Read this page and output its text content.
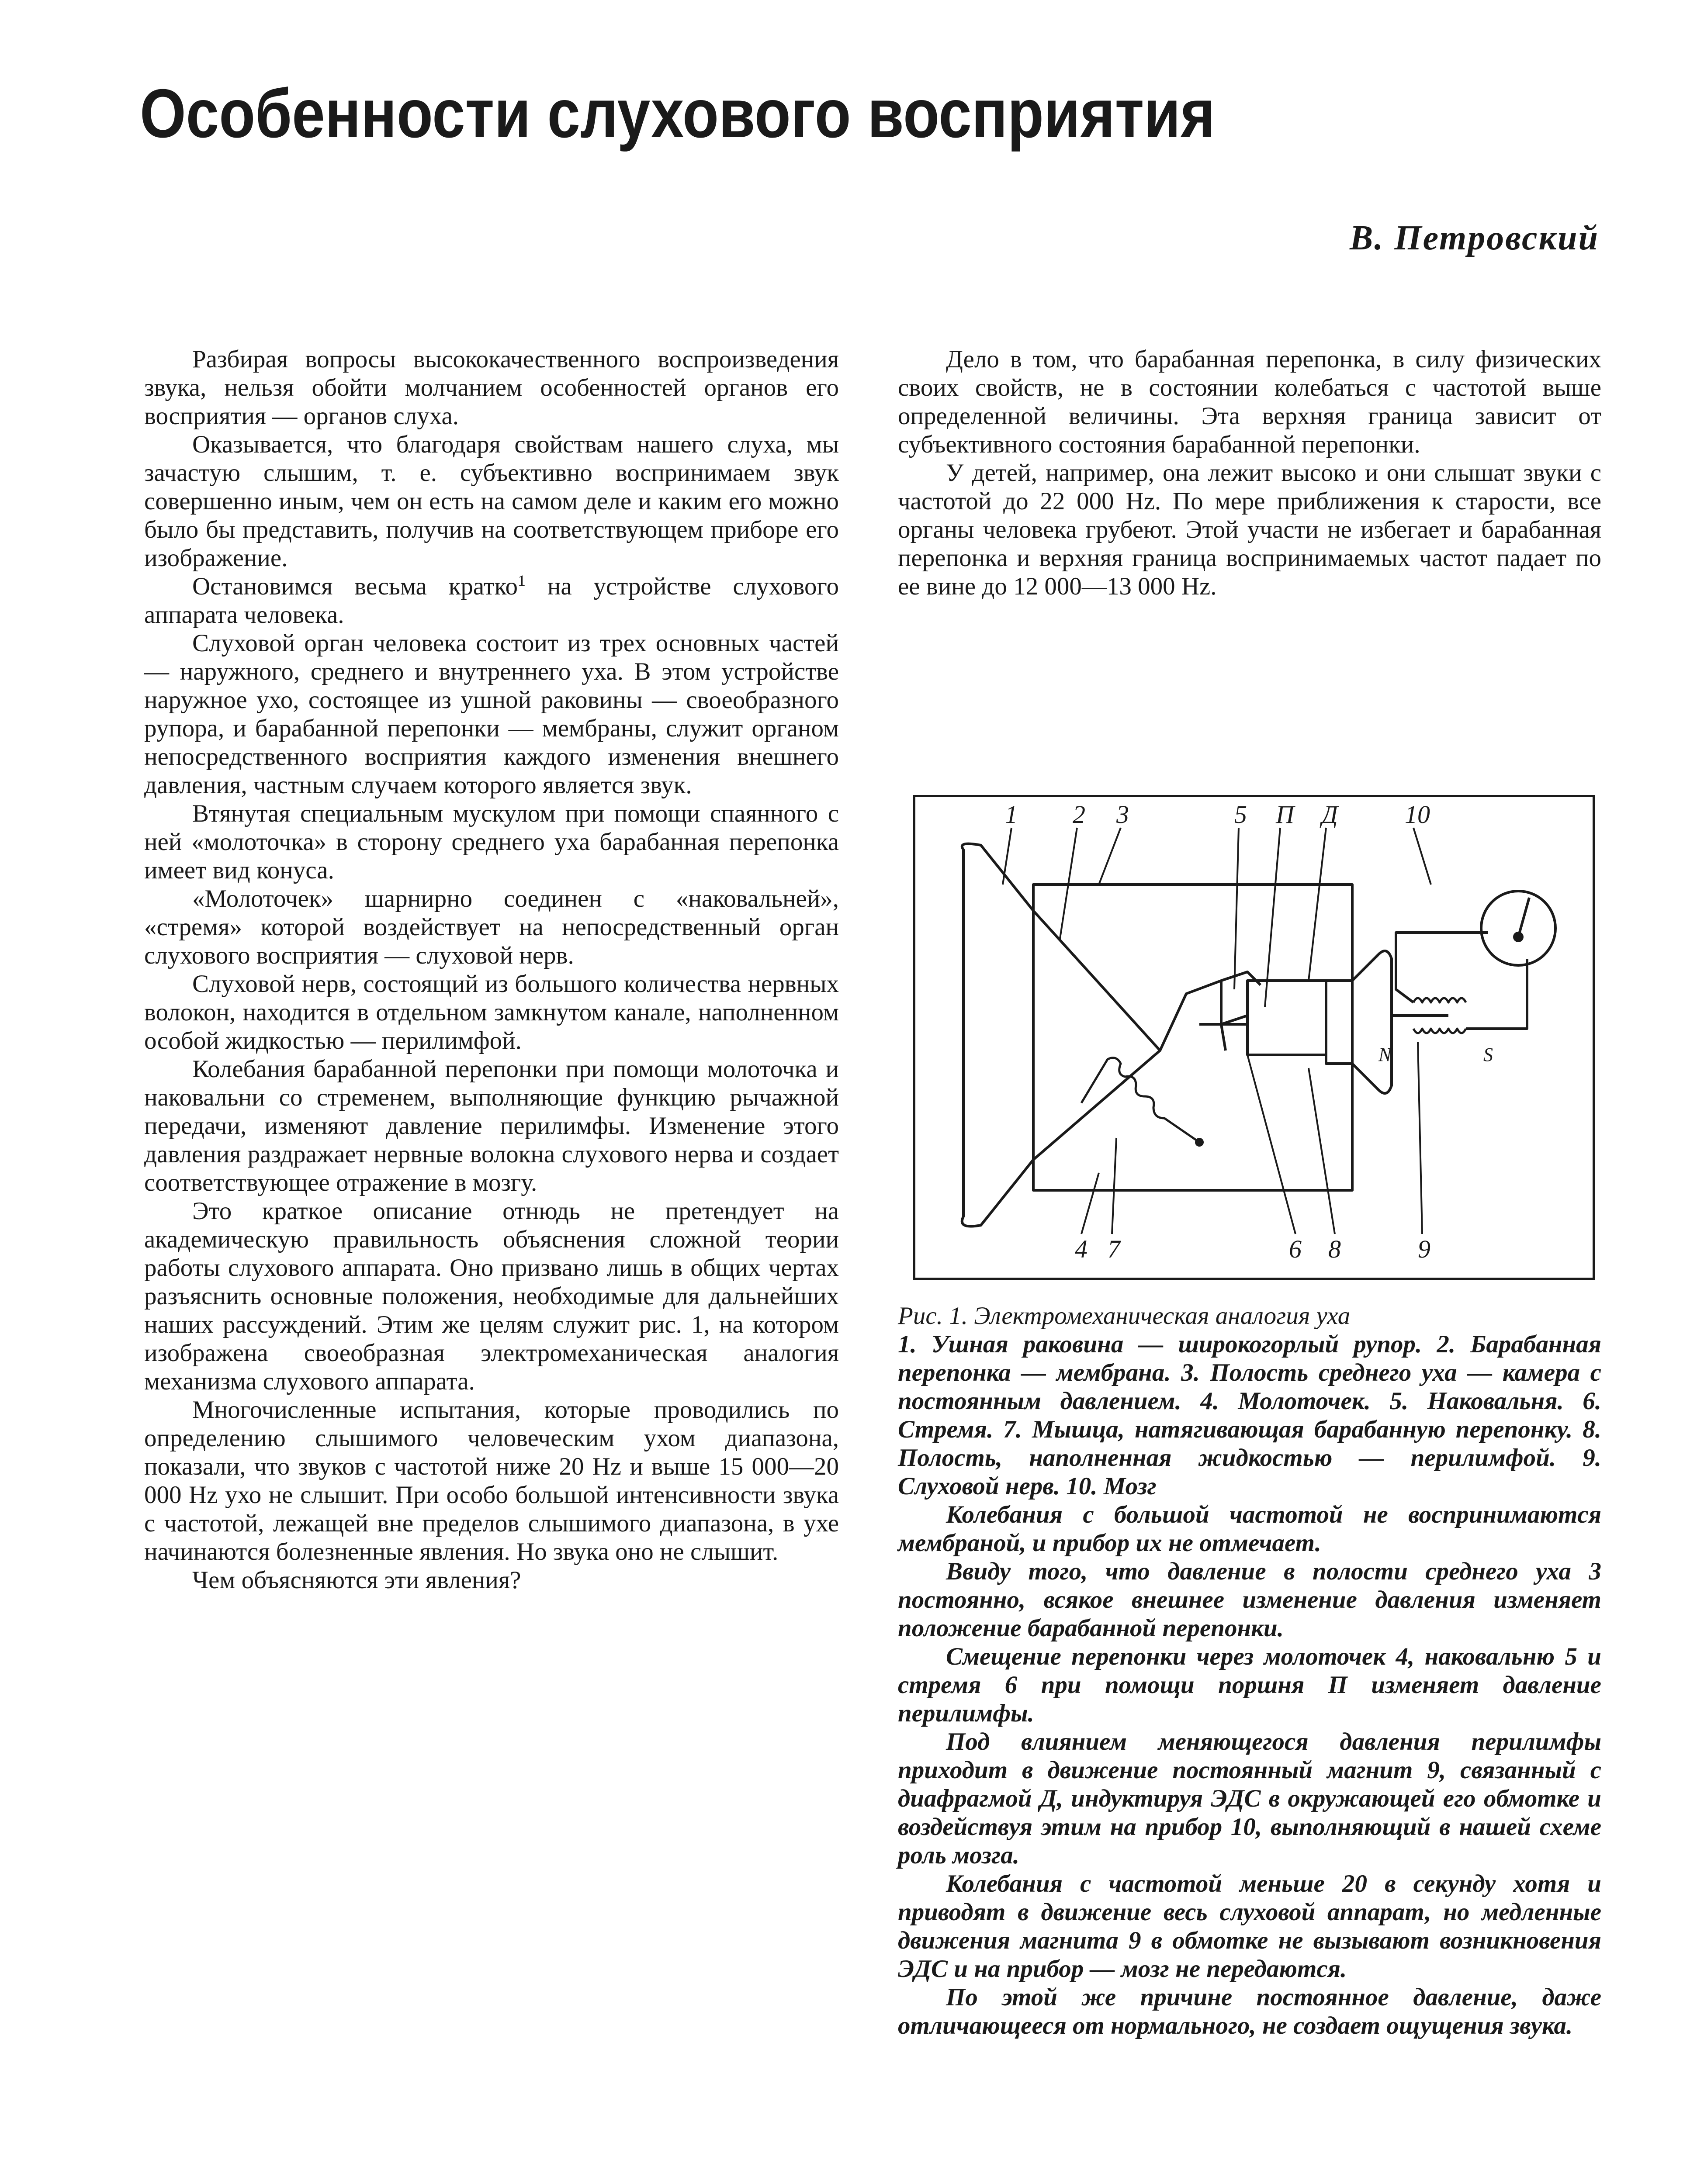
Особенности слухового восприятия

В. Петровский

Разбирая вопросы высококачественного воспроизведения звука, нельзя обойти молчанием особенностей органов его восприятия — органов слуха.

Оказывается, что благодаря свойствам нашего слуха, мы зачастую слышим, т. е. субъективно воспринимаем звук совершенно иным, чем он есть на самом деле и каким его можно было бы представить, получив на соответствующем приборе его изображение.

Остановимся весьма кратко$^1$ на устройстве слухового аппарата человека.

Слуховой орган человека состоит из трех основных частей — наружного, среднего и внутреннего уха. В этом устройстве наружное ухо, состоящее из ушной раковины — своеобразного рупора, и барабанной перепонки — мембраны, служит органом непосредственного восприятия каждого изменения внешнего давления, частным случаем которого является звук.

Втянутая специальным мускулом при помощи спаянного с ней «молоточка» в сторону среднего уха барабанная перепонка имеет вид конуса.

«Молоточек» шарнирно соединен с «наковальней», «стремя» которой воздействует на непосредственный орган слухового восприятия — слуховой нерв.

Слуховой нерв, состоящий из большого количества нервных волокон, находится в отдельном замкнутом канале, наполненном особой жидкостью — перилимфой.

Колебания барабанной перепонки при помощи молоточка и наковальни со стременем, выполняющие функцию рычажной передачи, изменяют давление перилимфы. Изменение этого давления раздражает нервные волокна слухового нерва и создает соответствующее отражение в мозгу.

Это краткое описание отнюдь не претендует на академическую правильность объяснения сложной теории работы слухового аппарата. Оно призвано лишь в общих чертах разъяснить основные положения, необходимые для дальнейших наших рассуждений. Этим же целям служит рис. 1, на котором изображена своеобразная электромеханическая аналогия механизма слухового аппарата.

Многочисленные испытания, которые проводились по определению слышимого человеческим ухом диапазона, показали, что звуков с частотой ниже 20 Hz и выше 15 000—20 000 Hz ухо не слышит. При особо большой интенсивности звука с частотой, лежащей вне пределов слышимого диапазона, в ухе начинаются болезненные явления. Но звука оно не слышит.

Чем объясняются эти явления?

Дело в том, что барабанная перепонка, в силу физических своих свойств, не в состоянии колебаться с частотой выше определенной величины. Эта верхняя граница зависит от субъективного состояния барабанной перепонки.

У детей, например, она лежит высоко и они слышат звуки с частотой до 22 000 Hz. По мере приближения к старости, все органы человека грубеют. Этой участи не избегает и барабанная перепонка и верхняя граница воспринимаемых частот падает по ее вине до 12 000—13 000 Hz.

1 2 3	5 П Д	10
4 7	6 8	9
N	S

Рис. 1. Электромеханическая аналогия уха

1. Ушная раковина — широкогорлый рупор. 2. Барабанная перепонка — мембрана. 3. Полость среднего уха — камера с постоянным давлением. 4. Молоточек. 5. Наковальня. 6. Стремя. 7. Мышца, натягивающая барабанную перепонку. 8. Полость, наполненная жидкостью — перилимфой. 9. Слуховой нерв. 10. Мозг

Колебания с большой частотой не воспринимаются мембраной, и прибор их не отмечает.

Ввиду того, что давление в полости среднего уха 3 постоянно, всякое внешнее изменение давления изменяет положение барабанной перепонки.

Смещение перепонки через молоточек 4, наковальню 5 и стремя 6 при помощи поршня П изменяет давление перилимфы.

Под влиянием меняющегося давления перилимфы приходит в движение постоянный магнит 9, связанный с диафрагмой Д, индуктируя ЭДС в окружающей его обмотке и воздействуя этим на прибор 10, выполняющий в нашей схеме роль мозга.

Колебания с частотой меньше 20 в секунду хотя и приводят в движение весь слуховой аппарат, но медленные движения магнита 9 в обмотке не вызывают возникновения ЭДС и на прибор — мозг не передаются.

По этой же причине постоянное давление, даже отличающееся от нормального, не создает ощущения звука.
